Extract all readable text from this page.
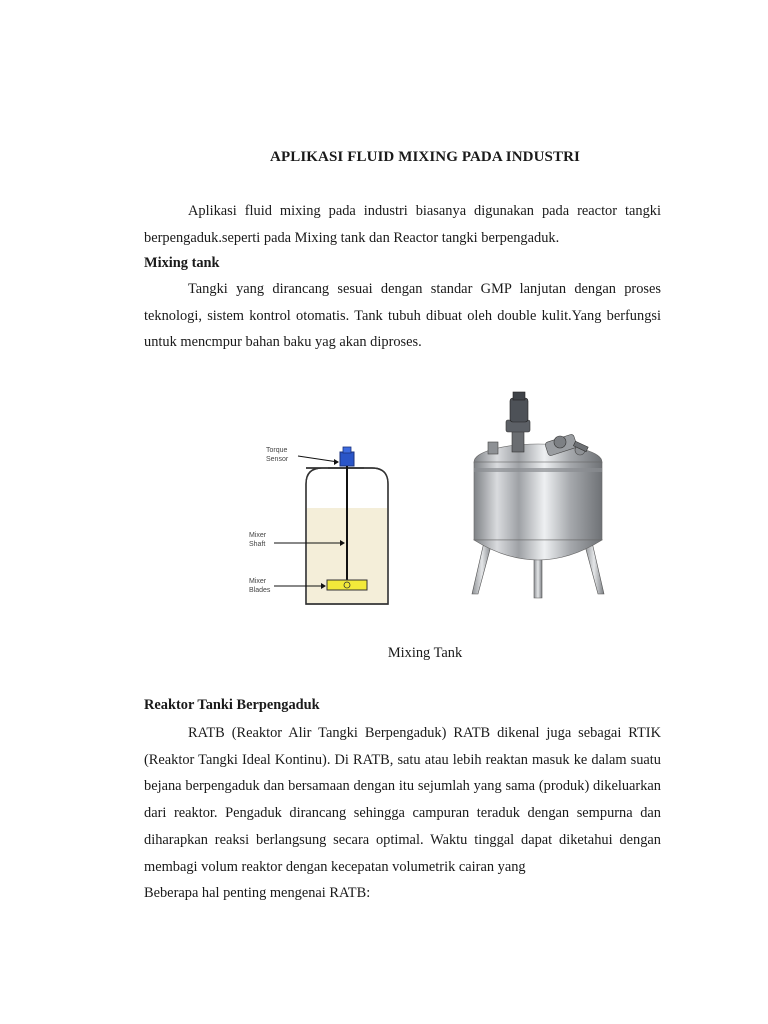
APLIKASI FLUID MIXING PADA INDUSTRI

Aplikasi fluid mixing pada industri biasanya digunakan pada reactor tangki berpengaduk.seperti pada Mixing tank dan Reactor tangki berpengaduk.

Mixing tank

Tangki yang dirancang sesuai dengan standar GMP lanjutan dengan proses teknologi, sistem kontrol otomatis. Tank tubuh dibuat oleh double kulit.Yang berfungsi untuk mencmpur bahan baku yag akan diproses.

Torque
Sensor
Mixer
Shaft
Mixer
Blades
Mixing Tank

Reaktor Tanki Berpengaduk

RATB (Reaktor Alir Tangki Berpengaduk) RATB dikenal juga sebagai RTIK (Reaktor Tangki Ideal Kontinu). Di RATB, satu atau lebih reaktan masuk ke dalam suatu bejana berpengaduk dan bersamaan dengan itu sejumlah yang sama (produk) dikeluarkan dari reaktor. Pengaduk dirancang sehingga campuran teraduk dengan sempurna dan diharapkan reaksi berlangsung secara optimal. Waktu tinggal dapat diketahui dengan membagi volum reaktor dengan kecepatan volumetrik cairan yang

Beberapa hal penting mengenai RATB:
